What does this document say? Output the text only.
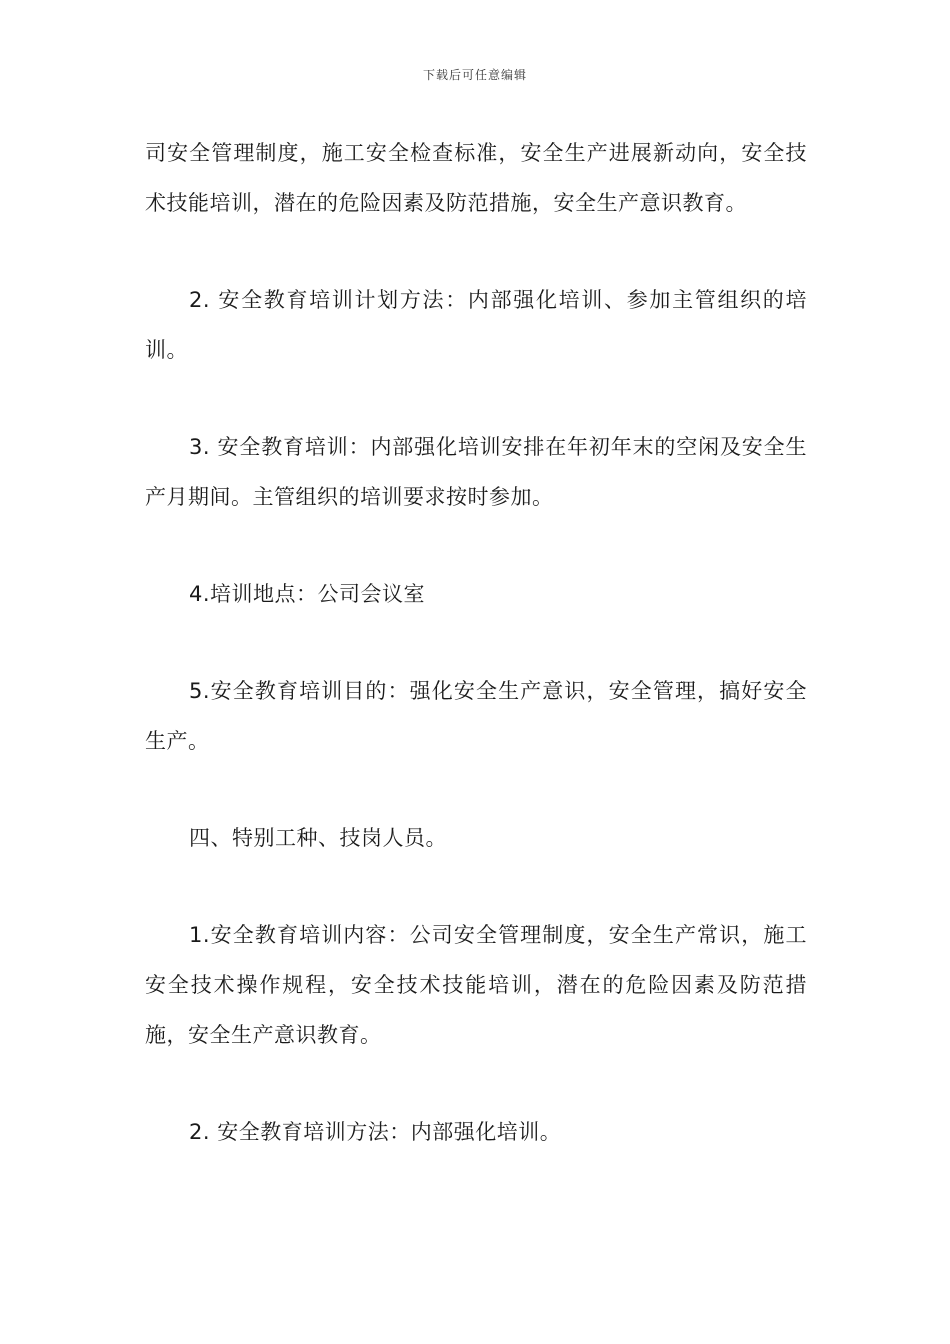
下载后可任意编辑

司安全管理制度，施工安全检查标准，安全生产进展新动向，安全技术技能培训，潜在的危险因素及防范措施，安全生产意识教育。

2. 安全教育培训计划方法：内部强化培训、参加主管组织的培训。

3. 安全教育培训：内部强化培训安排在年初年末的空闲及安全生产月期间。主管组织的培训要求按时参加。

4.培训地点：公司会议室

5.安全教育培训目的：强化安全生产意识，安全管理，搞好安全生产。

四、特别工种、技岗人员。

1.安全教育培训内容：公司安全管理制度，安全生产常识，施工安全技术操作规程，安全技术技能培训，潜在的危险因素及防范措施，安全生产意识教育。

2. 安全教育培训方法：内部强化培训。
